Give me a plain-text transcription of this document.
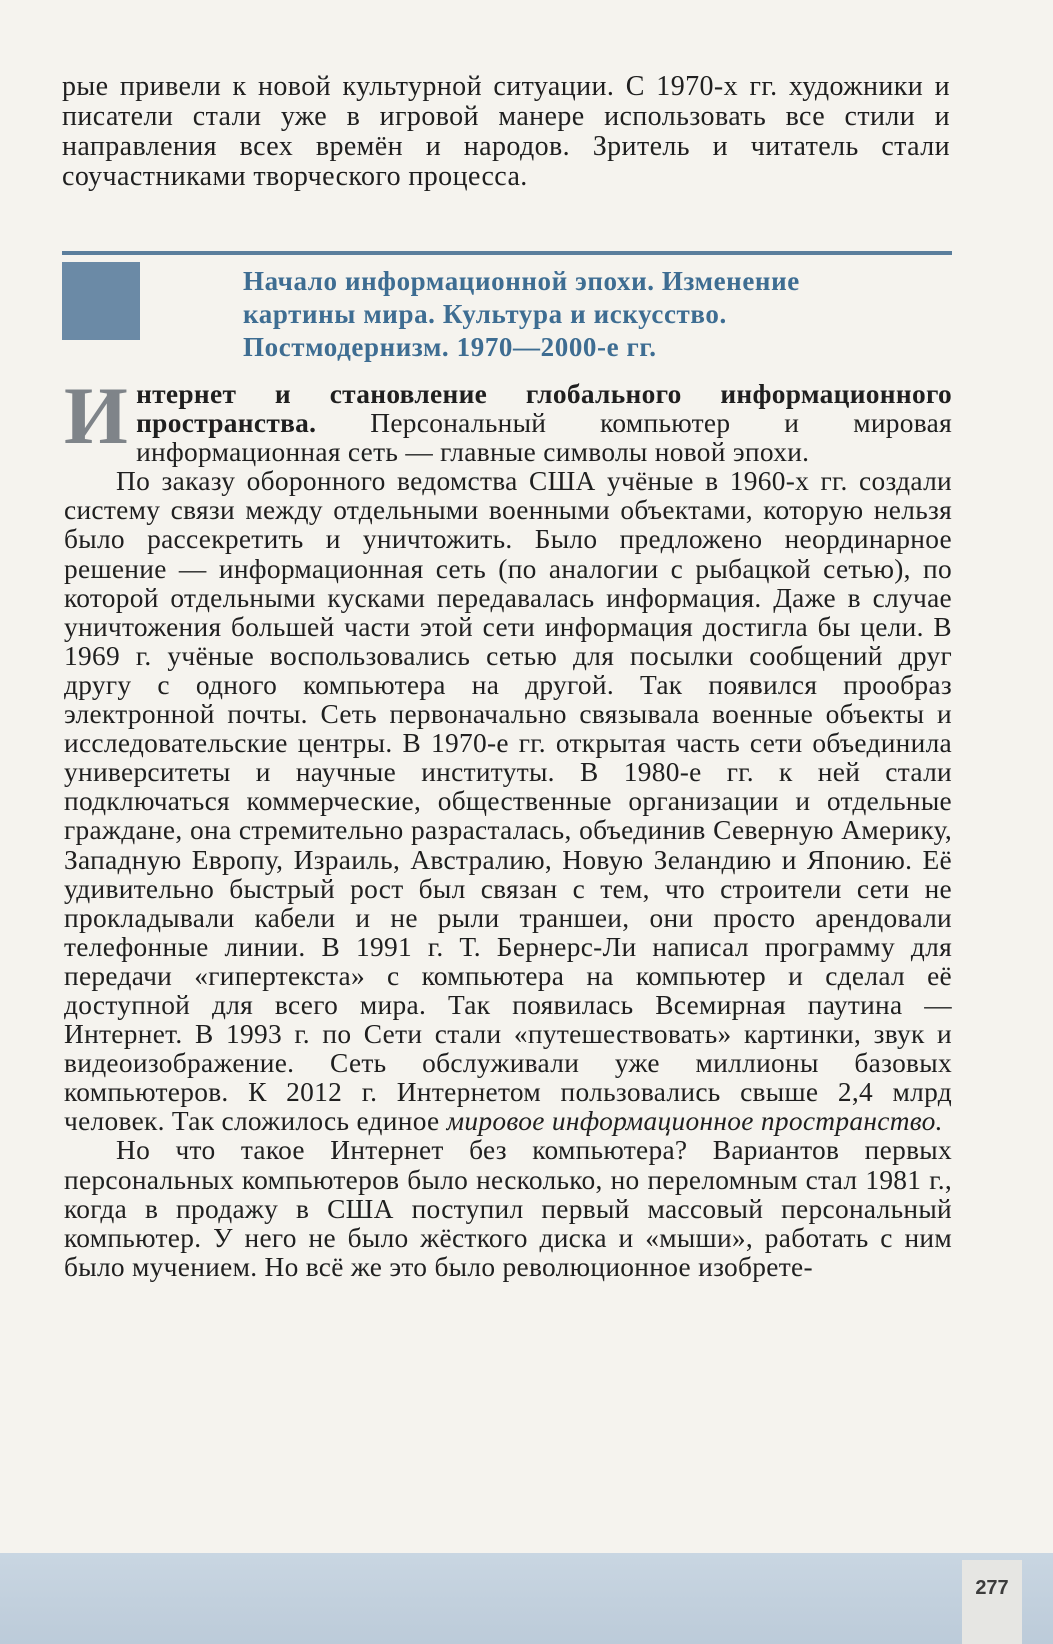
рые привели к новой культурной ситуации. С 1970-х гг. художники и писатели стали уже в игровой манере использовать все стили и направления всех времён и народов. Зритель и читатель стали соучастниками творческого процесса.

Начало информационной эпохи. Изменение
картины мира. Культура и искусство.
Постмодернизм. 1970—2000-е гг.

Интернет и становление глобального информационного пространства. Персональный компьютер и мировая информационная сеть — главные символы новой эпохи.

По заказу оборонного ведомства США учёные в 1960-х гг. создали систему связи между отдельными военными объектами, которую нельзя было рассекретить и уничтожить. Было предложено неординарное решение — информационная сеть (по аналогии с рыбацкой сетью), по которой отдельными кусками передавалась информация. Даже в случае уничтожения большей части этой сети информация достигла бы цели. В 1969 г. учёные воспользовались сетью для посылки сообщений друг другу с одного компьютера на другой. Так появился прообраз электронной почты. Сеть первоначально связывала военные объекты и исследовательские центры. В 1970-е гг. открытая часть сети объединила университеты и научные институты. В 1980-е гг. к ней стали подключаться коммерческие, общественные организации и отдельные граждане, она стремительно разрасталась, объединив Северную Америку, Западную Европу, Израиль, Австралию, Новую Зеландию и Японию. Её удивительно быстрый рост был связан с тем, что строители сети не прокладывали кабели и не рыли траншеи, они просто арендовали телефонные линии. В 1991 г. Т. Бернерс-Ли написал программу для передачи «гипертекста» с компьютера на компьютер и сделал её доступной для всего мира. Так появилась Всемирная паутина — Интернет. В 1993 г. по Сети стали «путешествовать» картинки, звук и видеоизображение. Сеть обслуживали уже миллионы базовых компьютеров. К 2012 г. Интернетом пользовались свыше 2,4 млрд человек. Так сложилось единое мировое информационное пространство.

Но что такое Интернет без компьютера? Вариантов первых персональных компьютеров было несколько, но переломным стал 1981 г., когда в продажу в США поступил первый массовый персональный компьютер. У него не было жёсткого диска и «мыши», работать с ним было мучением. Но всё же это было революционное изобрете-

277
